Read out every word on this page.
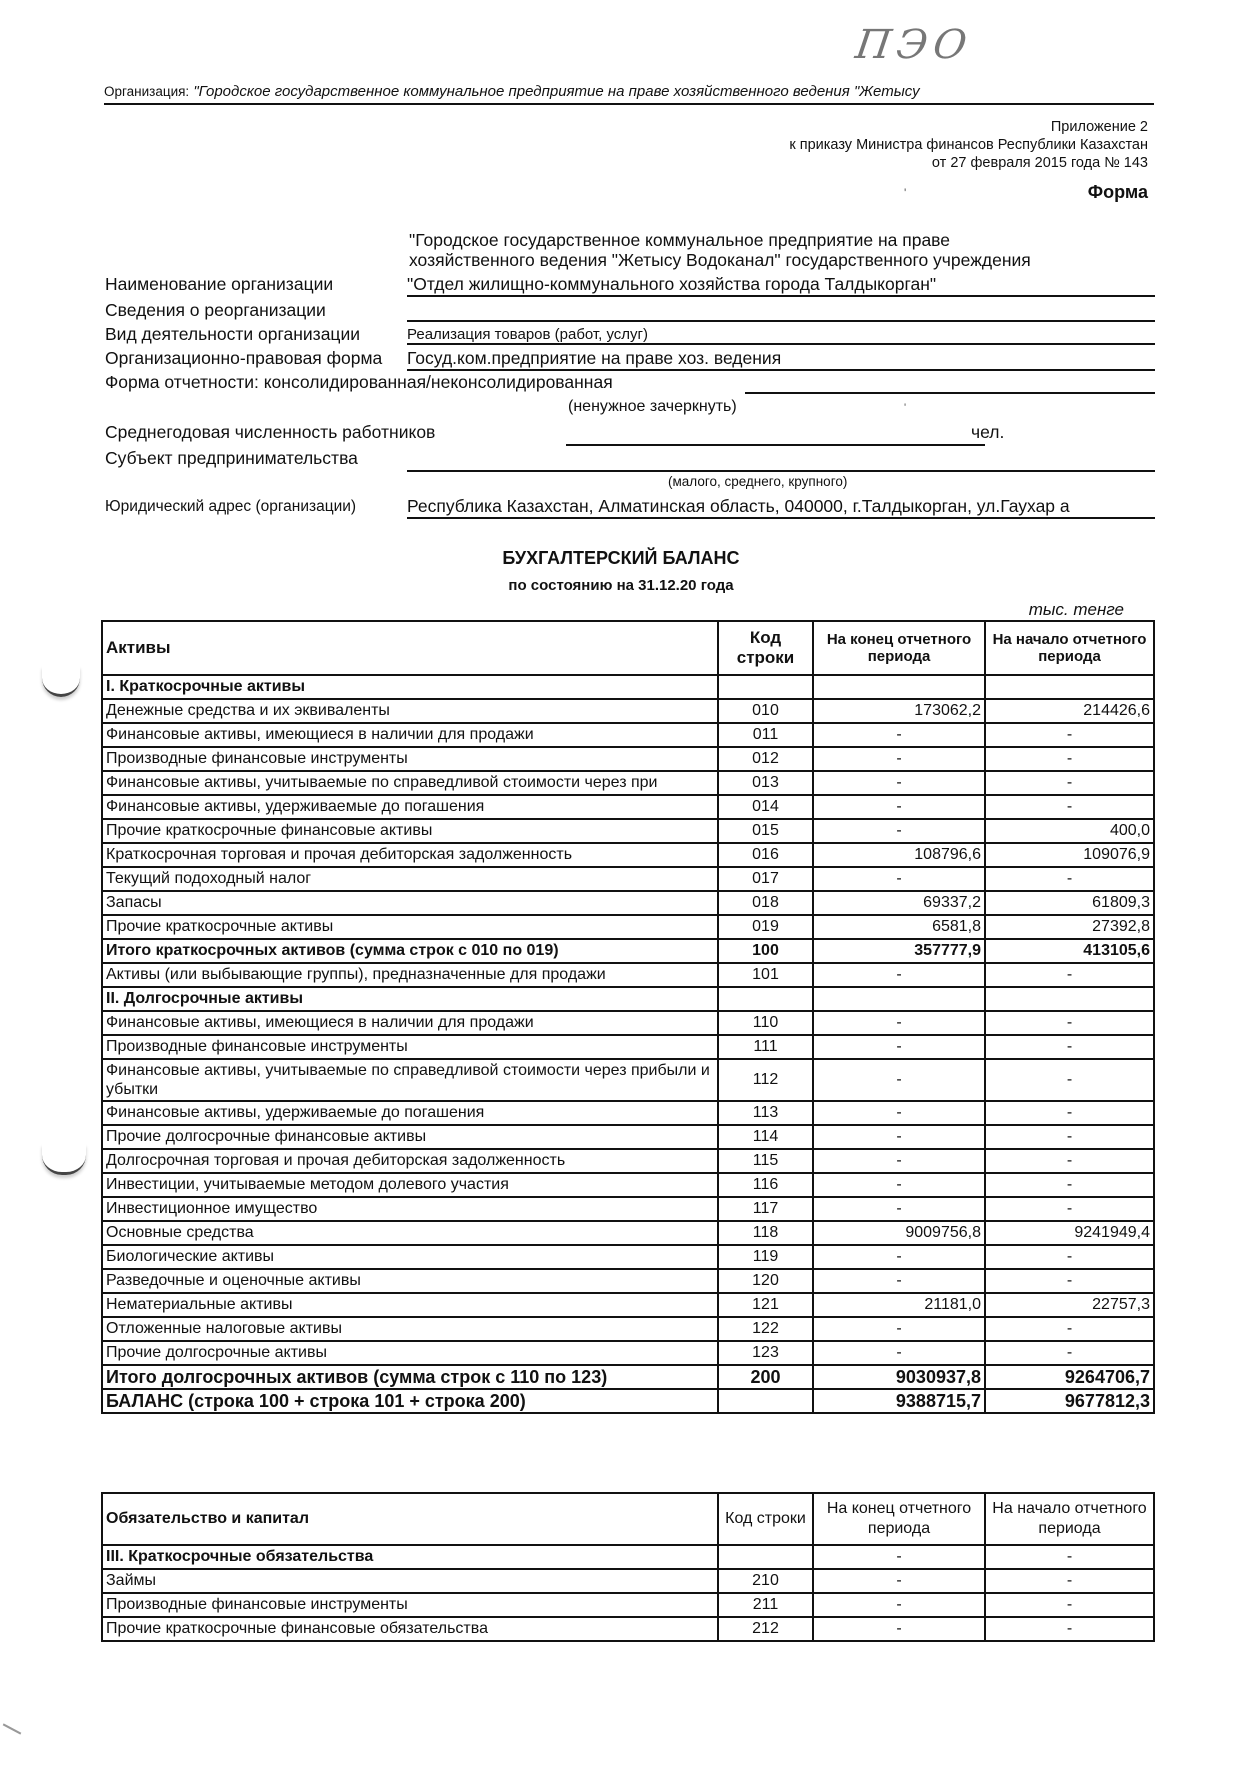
ПЭО
Организация: "Городское государственное коммунальное предприятие на праве хозяйственного ведения "Жетысу
Приложение 2
к приказу Министра финансов Республики Казахстан
от 27 февраля 2015 года № 143
'	Форма
"Городское государственное коммунальное предприятие на праве
хозяйственного ведения "Жетысу Водоканал" государственного учреждения
Наименование организации	"Отдел жилищно-коммунального хозяйства города Талдыкорган"
Сведения о реорганизации
Вид деятельности организации	Реализация товаров (работ, услуг)
Организационно-правовая форма	Госуд.ком.предприятие на праве хоз. ведения
Форма отчетности: консолидированная/неконсолидированная
(ненужное зачеркнуть)	'
Среднегодовая численность работников	чел.
Субъект предпринимательства
(малого, среднего, крупного)
Юридический адрес (организации)	Республика Казахстан, Алматинская область, 040000, г.Талдыкорган, ул.Гаухар а
БУХГАЛТЕРСКИЙ БАЛАНС
по состоянию на 31.12.20 года
тыс. тенге
Активы	Код строки	На конец отчетного периода	На начало отчетного периода
I. Краткосрочные активы			
Денежные средства и их эквиваленты	010	173062,2	214426,6
Финансовые активы, имеющиеся в наличии для продажи	011	-	-
Производные финансовые инструменты	012	-	-
Финансовые активы, учитываемые по справедливой стоимости через при	013	-	-
Финансовые активы, удерживаемые до погашения	014	-	-
Прочие краткосрочные финансовые активы	015	-	400,0
Краткосрочная торговая и прочая дебиторская задолженность	016	108796,6	109076,9
Текущий подоходный налог	017	-	-
Запасы	018	69337,2	61809,3
Прочие краткосрочные активы	019	6581,8	27392,8
Итого краткосрочных активов (сумма строк с 010 по 019)	100	357777,9	413105,6
Активы (или выбывающие группы), предназначенные для продажи	101	-	-
II. Долгосрочные активы			
Финансовые активы, имеющиеся в наличии для продажи	110	-	-
Производные финансовые инструменты	111	-	-
Финансовые активы, учитываемые по справедливой стоимости через прибыли и убытки	112	-	-
Финансовые активы, удерживаемые до погашения	113	-	-
Прочие долгосрочные финансовые активы	114	-	-
Долгосрочная торговая и прочая дебиторская задолженность	115	-	-
Инвестиции, учитываемые методом долевого участия	116	-	-
Инвестиционное имущество	117	-	-
Основные средства	118	9009756,8	9241949,4
Биологические активы	119	-	-
Разведочные и оценочные активы	120	-	-
Нематериальные активы	121	21181,0	22757,3
Отложенные налоговые активы	122	-	-
Прочие долгосрочные активы	123	-	-
Итого долгосрочных активов (сумма строк с 110 по 123)	200	9030937,8	9264706,7
БАЛАНС (строка 100 + строка 101 + строка 200)		9388715,7	9677812,3
Обязательство и капитал	Код строки	На конец отчетного периода	На начало отчетного периода
III. Краткосрочные обязательства		-	-
Займы	210	-	-
Производные финансовые инструменты	211	-	-
Прочие краткосрочные финансовые обязательства	212	-	-
